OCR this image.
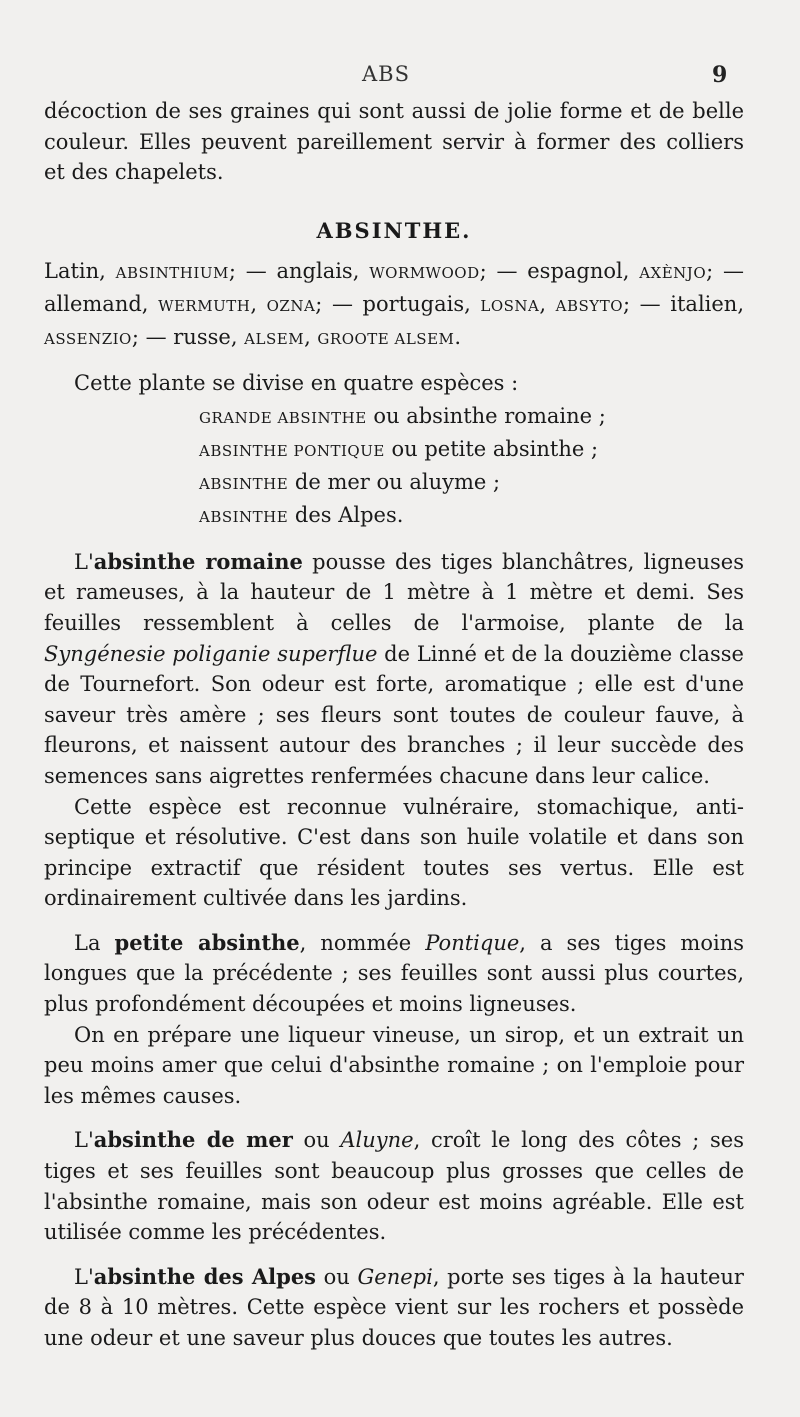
ABS	9

décoction de ses graines qui sont aussi de jolie forme et de belle couleur. Elles peuvent pareillement servir à former des colliers et des chapelets.

ABSINTHE.

Latin, ABSINTHIUM; — anglais, WORMWOOD; — espagnol, AXÈNJO; — allemand, WERMUTH, OZNA; — portugais, LOSNA, ABSYTO; — italien, ASSENZIO; — russe, ALSEM, GROOTE ALSEM.

Cette plante se divise en quatre espèces :

GRANDE ABSINTHE ou absinthe romaine ;
ABSINTHE PONTIQUE ou petite absinthe ;
ABSINTHE de mer ou aluyme ;
ABSINTHE des Alpes.

L'absinthe romaine pousse des tiges blanchâtres, ligneuses et rameuses, à la hauteur de 1 mètre à 1 mètre et demi. Ses feuilles ressemblent à celles de l'armoise, plante de la Syngénesie poliganie superflue de Linné et de la douzième classe de Tournefort. Son odeur est forte, aromatique ; elle est d'une saveur très amère ; ses fleurs sont toutes de couleur fauve, à fleurons, et naissent autour des branches ; il leur succède des semences sans aigrettes renfermées chacune dans leur calice.

Cette espèce est reconnue vulnéraire, stomachique, anti-septique et résolutive. C'est dans son huile volatile et dans son principe extractif que résident toutes ses vertus. Elle est ordinairement cultivée dans les jardins.

La petite absinthe, nommée Pontique, a ses tiges moins longues que la précédente ; ses feuilles sont aussi plus courtes, plus profondément découpées et moins ligneuses.

On en prépare une liqueur vineuse, un sirop, et un extrait un peu moins amer que celui d'absinthe romaine ; on l'emploie pour les mêmes causes.

L'absinthe de mer ou Aluyne, croît le long des côtes ; ses tiges et ses feuilles sont beaucoup plus grosses que celles de l'absinthe romaine, mais son odeur est moins agréable. Elle est utilisée comme les précédentes.

L'absinthe des Alpes ou Genepi, porte ses tiges à la hauteur de 8 à 10 mètres. Cette espèce vient sur les rochers et possède une odeur et une saveur plus douces que toutes les autres.
